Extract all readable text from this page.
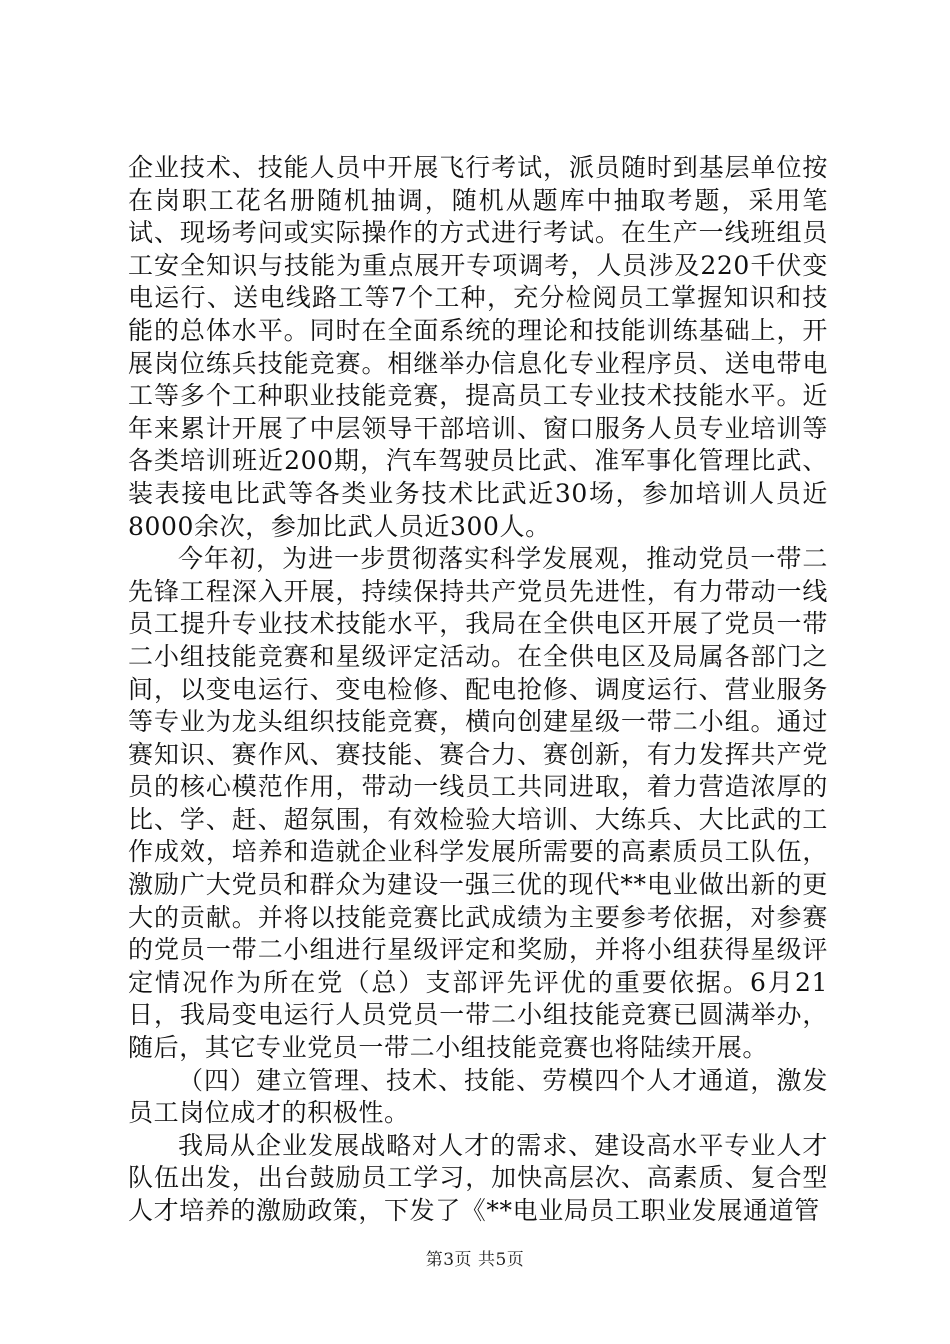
企业技术、技能人员中开展飞行考试，派员随时到基层单位按在岗职工花名册随机抽调，随机从题库中抽取考题，采用笔试、现场考问或实际操作的方式进行考试。在生产一线班组员工安全知识与技能为重点展开专项调考，人员涉及220千伏变电运行、送电线路工等7个工种，充分检阅员工掌握知识和技能的总体水平。同时在全面系统的理论和技能训练基础上，开展岗位练兵技能竞赛。相继举办信息化专业程序员、送电带电工等多个工种职业技能竞赛，提高员工专业技术技能水平。近年来累计开展了中层领导干部培训、窗口服务人员专业培训等各类培训班近200期，汽车驾驶员比武、准军事化管理比武、装表接电比武等各类业务技术比武近30场，参加培训人员近8000余次，参加比武人员近300人。

今年初，为进一步贯彻落实科学发展观，推动党员一带二先锋工程深入开展，持续保持共产党员先进性，有力带动一线员工提升专业技术技能水平，我局在全供电区开展了党员一带二小组技能竞赛和星级评定活动。在全供电区及局属各部门之间，以变电运行、变电检修、配电抢修、调度运行、营业服务等专业为龙头组织技能竞赛，横向创建星级一带二小组。通过赛知识、赛作风、赛技能、赛合力、赛创新，有力发挥共产党员的核心模范作用，带动一线员工共同进取，着力营造浓厚的比、学、赶、超氛围，有效检验大培训、大练兵、大比武的工作成效，培养和造就企业科学发展所需要的高素质员工队伍，激励广大党员和群众为建设一强三优的现代**电业做出新的更大的贡献。并将以技能竞赛比武成绩为主要参考依据，对参赛的党员一带二小组进行星级评定和奖励，并将小组获得星级评定情况作为所在党（总）支部评先评优的重要依据。6月21日，我局变电运行人员党员一带二小组技能竞赛已圆满举办，随后，其它专业党员一带二小组技能竞赛也将陆续开展。

（四）建立管理、技术、技能、劳模四个人才通道，激发员工岗位成才的积极性。

我局从企业发展战略对人才的需求、建设高水平专业人才队伍出发，出台鼓励员工学习，加快高层次、高素质、复合型人才培养的激励政策，下发了《**电业局员工职业发展通道管

第3页 共5页
